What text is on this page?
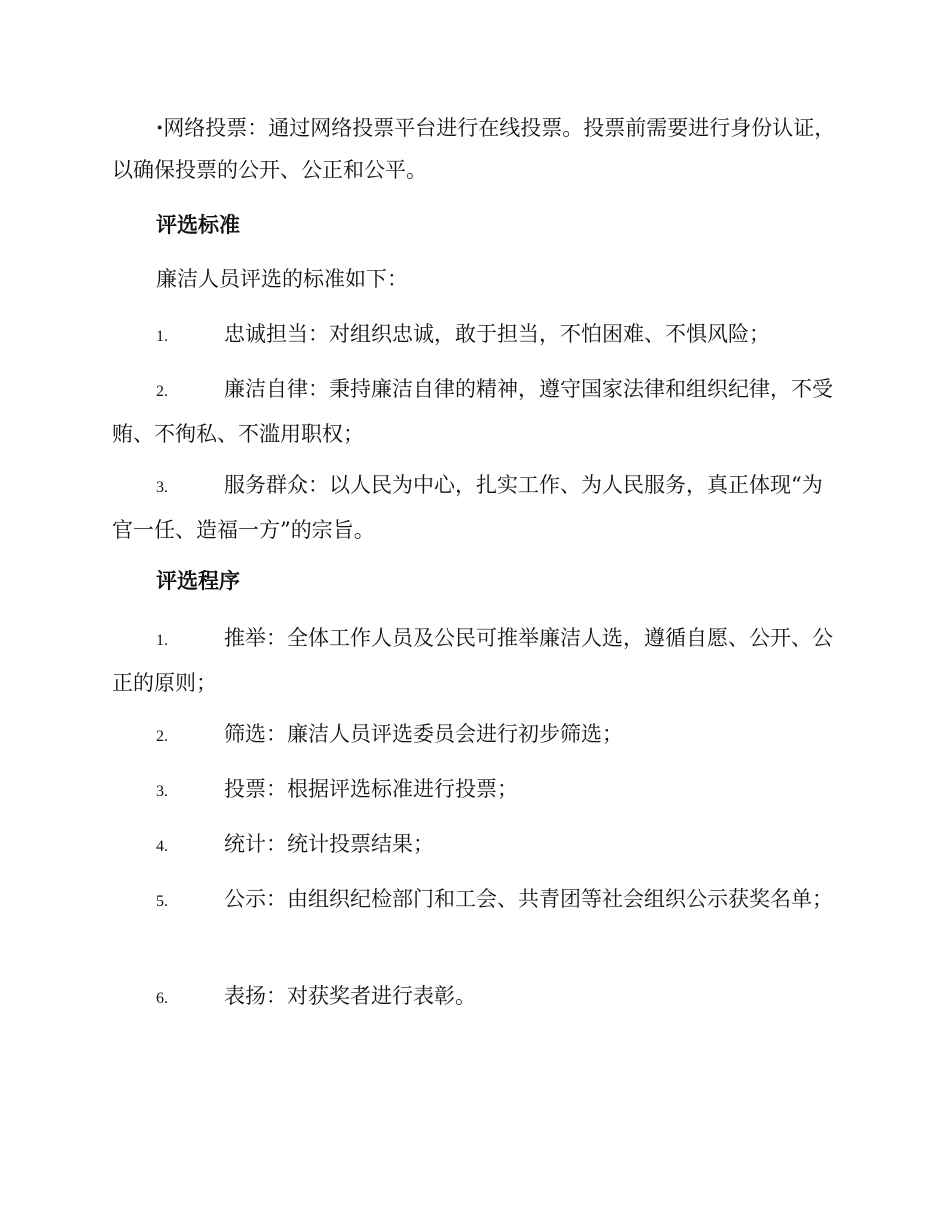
·网络投票：通过网络投票平台进行在线投票。投票前需要进行身份认证，以确保投票的公开、公正和公平。
评选标准
廉洁人员评选的标准如下：
1.	忠诚担当：对组织忠诚，敢于担当，不怕困难、不惧风险；
2.	廉洁自律：秉持廉洁自律的精神，遵守国家法律和组织纪律，不受贿、不徇私、不滥用职权；
3.	服务群众：以人民为中心，扎实工作、为人民服务，真正体现“为官一任、造福一方”的宗旨。
评选程序
1.	推举：全体工作人员及公民可推举廉洁人选，遵循自愿、公开、公正的原则；
2.	筛选：廉洁人员评选委员会进行初步筛选；
3.	投票：根据评选标准进行投票；
4.	统计：统计投票结果；
5.	公示：由组织纪检部门和工会、共青团等社会组织公示获奖名单；
6.	表扬：对获奖者进行表彰。
